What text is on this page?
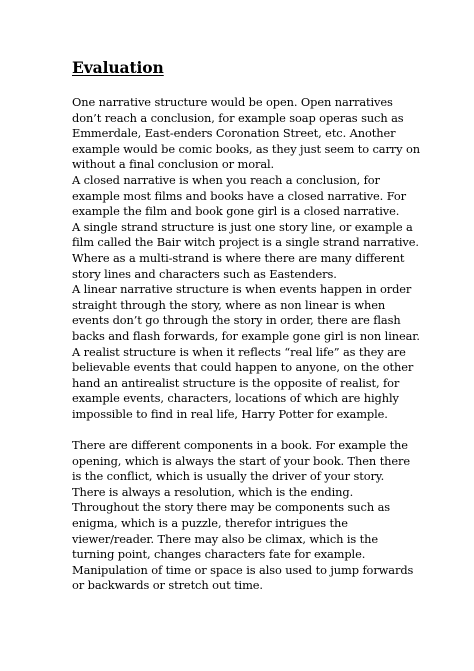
Evaluation
One narrative structure would be open. Open narratives
don’t reach a conclusion, for example soap operas such as
Emmerdale, East-enders Coronation Street, etc. Another
example would be comic books, as they just seem to carry on
without a final conclusion or moral.
A closed narrative is when you reach a conclusion, for
example most films and books have a closed narrative. For
example the film and book gone girl is a closed narrative.
A single strand structure is just one story line, or example a
film called the Bair witch project is a single strand narrative.
Where as a multi-strand is where there are many different
story lines and characters such as Eastenders.
A linear narrative structure is when events happen in order
straight through the story, where as non linear is when
events don’t go through the story in order, there are flash
backs and flash forwards, for example gone girl is non linear.
A realist structure is when it reflects “real life” as they are
believable events that could happen to anyone, on the other
hand an antirealist structure is the opposite of realist, for
example events, characters, locations of which are highly
impossible to find in real life, Harry Potter for example.
There are different components in a book. For example the
opening, which is always the start of your book. Then there
is the conflict, which is usually the driver of your story.
There is always a resolution, which is the ending.
Throughout the story there may be components such as
enigma, which is a puzzle, therefor intrigues the
viewer/reader. There may also be climax, which is the
turning point, changes characters fate for example.
Manipulation of time or space is also used to jump forwards
or backwards or stretch out time.
